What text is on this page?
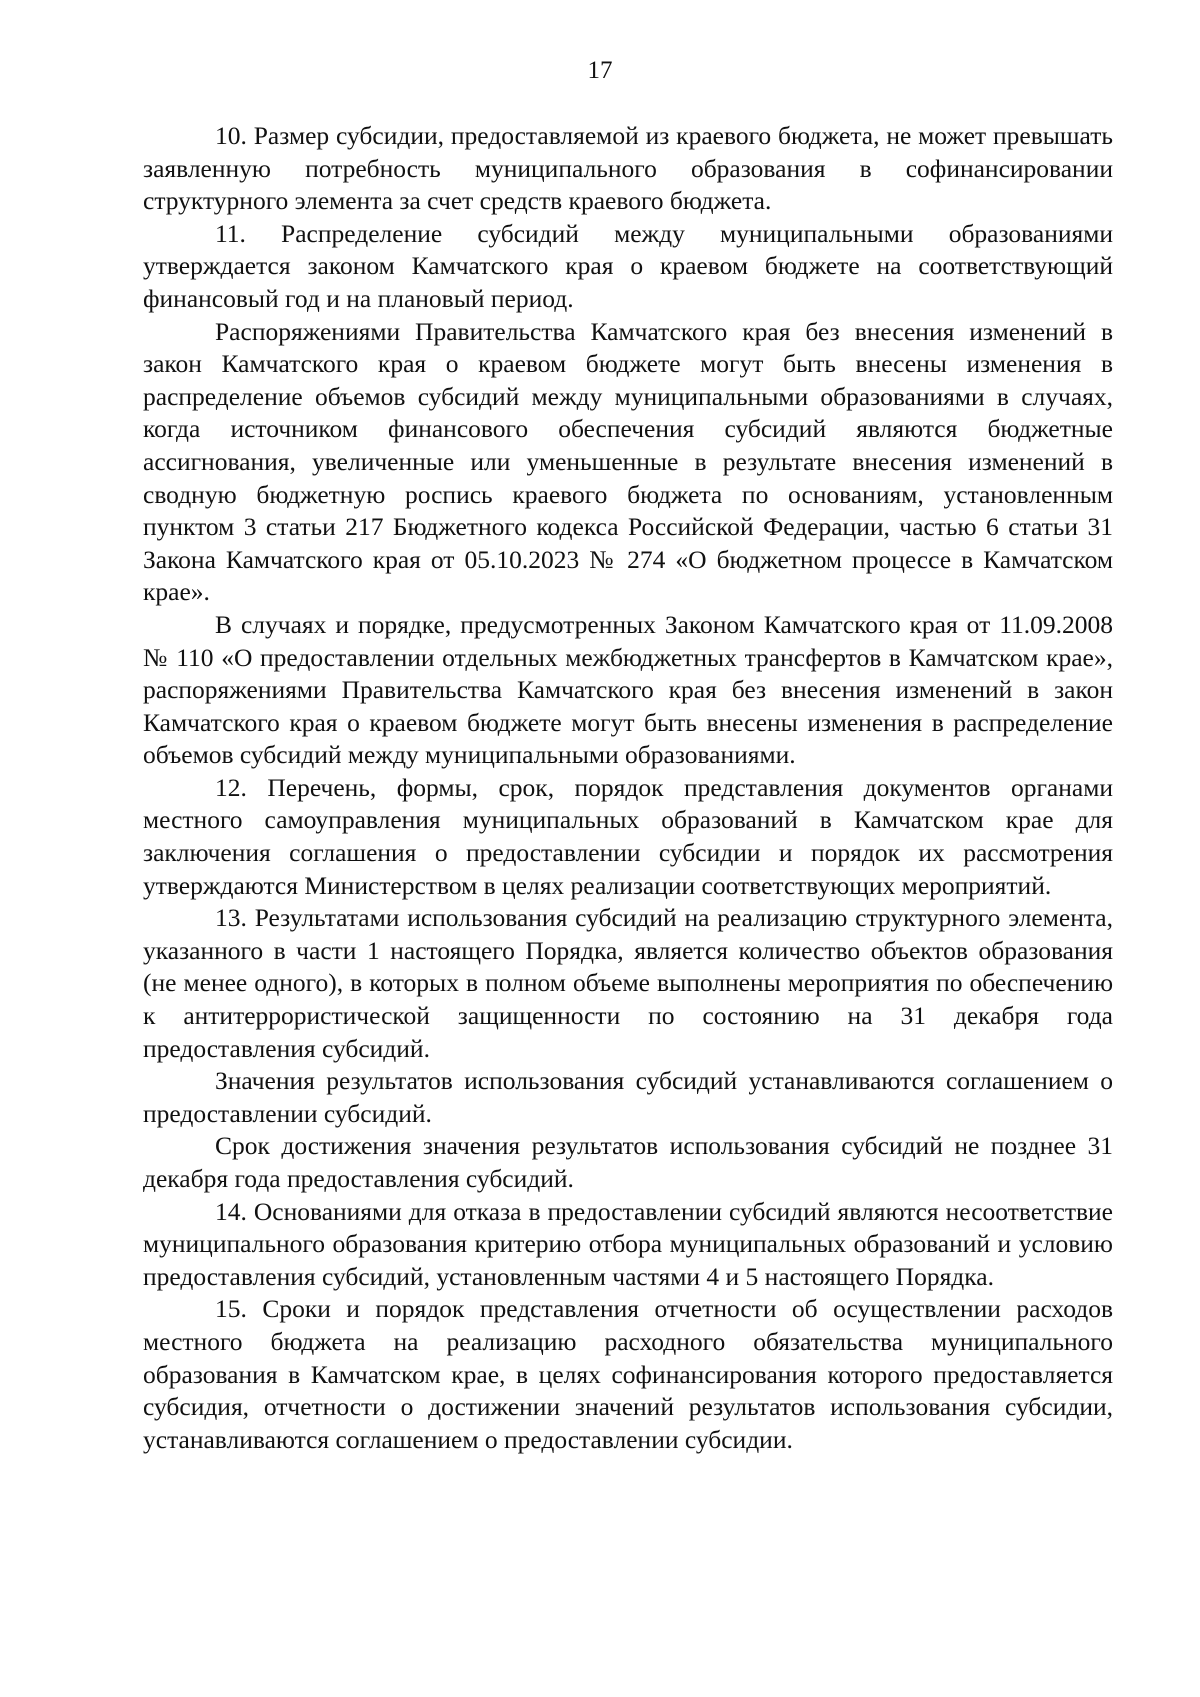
17

10. Размер субсидии, предоставляемой из краевого бюджета, не может превышать заявленную потребность муниципального образования в софинансировании структурного элемента за счет средств краевого бюджета.

11. Распределение субсидий между муниципальными образованиями утверждается законом Камчатского края о краевом бюджете на соответствующий финансовый год и на плановый период.

Распоряжениями Правительства Камчатского края без внесения изменений в закон Камчатского края о краевом бюджете могут быть внесены изменения в распределение объемов субсидий между муниципальными образованиями в случаях, когда источником финансового обеспечения субсидий являются бюджетные ассигнования, увеличенные или уменьшенные в результате внесения изменений в сводную бюджетную роспись краевого бюджета по основаниям, установленным пунктом 3 статьи 217 Бюджетного кодекса Российской Федерации, частью 6 статьи 31 Закона Камчатского края от 05.10.2023 № 274 «О бюджетном процессе в Камчатском крае».

В случаях и порядке, предусмотренных Законом Камчатского края от 11.09.2008 № 110 «О предоставлении отдельных межбюджетных трансфертов в Камчатском крае», распоряжениями Правительства Камчатского края без внесения изменений в закон Камчатского края о краевом бюджете могут быть внесены изменения в распределение объемов субсидий между муниципальными образованиями.

12. Перечень, формы, срок, порядок представления документов органами местного самоуправления муниципальных образований в Камчатском крае для заключения соглашения о предоставлении субсидии и порядок их рассмотрения утверждаются Министерством в целях реализации соответствующих мероприятий.

13. Результатами использования субсидий на реализацию структурного элемента, указанного в части 1 настоящего Порядка, является количество объектов образования (не менее одного), в которых в полном объеме выполнены мероприятия по обеспечению к антитеррористической защищенности по состоянию на 31 декабря года предоставления субсидий.

Значения результатов использования субсидий устанавливаются соглашением о предоставлении субсидий.

Срок достижения значения результатов использования субсидий не позднее 31 декабря года предоставления субсидий.

14. Основаниями для отказа в предоставлении субсидий являются несоответствие муниципального образования критерию отбора муниципальных образований и условию предоставления субсидий, установленным частями 4 и 5 настоящего Порядка.

15. Сроки и порядок представления отчетности об осуществлении расходов местного бюджета на реализацию расходного обязательства муниципального образования в Камчатском крае, в целях софинансирования которого предоставляется субсидия, отчетности о достижении значений результатов использования субсидии, устанавливаются соглашением о предоставлении субсидии.
